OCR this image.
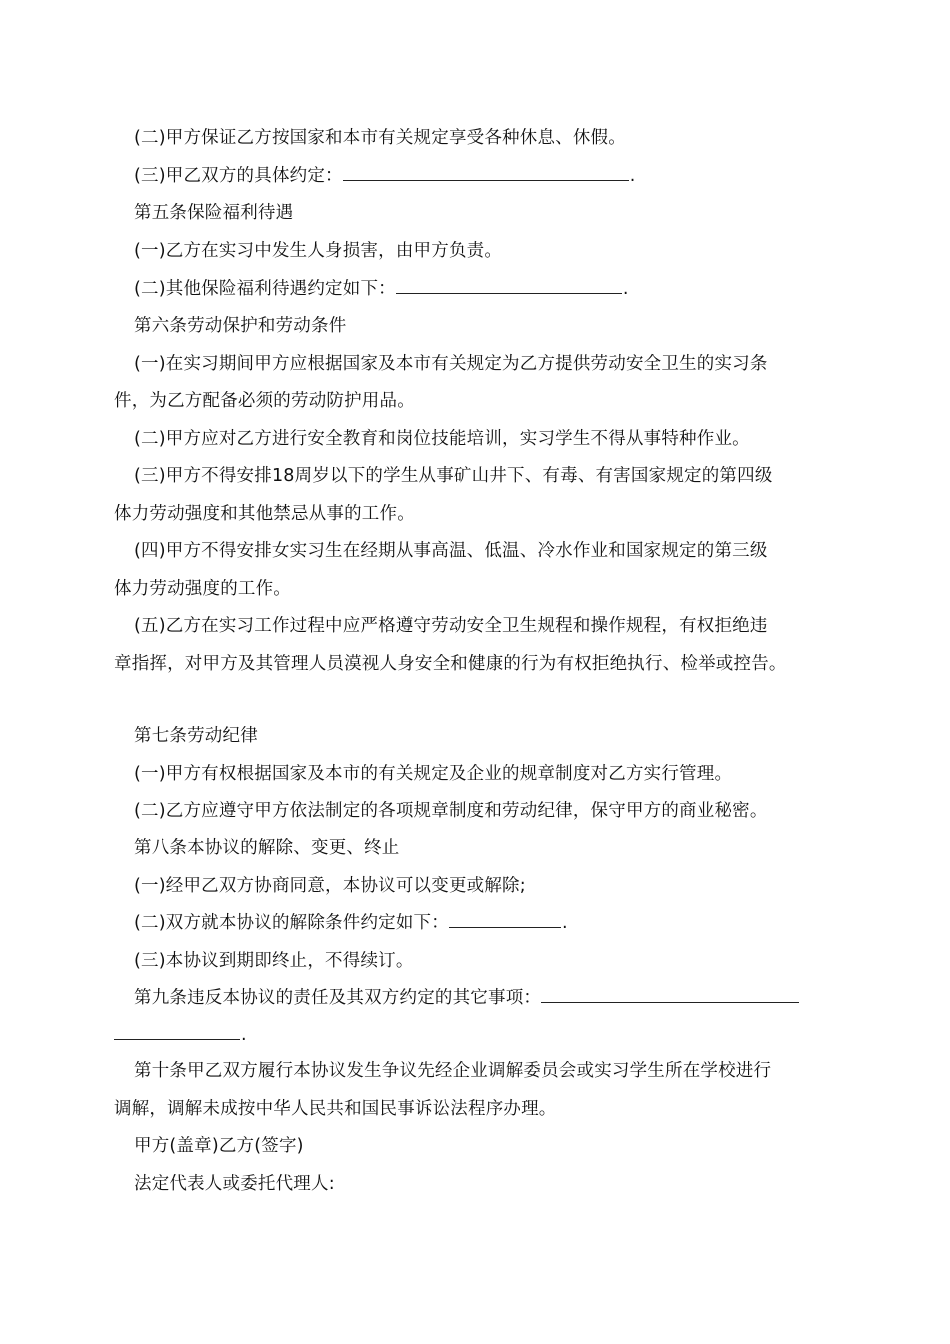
(二)甲方保证乙方按国家和本市有关规定享受各种休息、休假。
(三)甲乙双方的具体约定：	.
第五条保险福利待遇
(一)乙方在实习中发生人身损害，由甲方负责。
(二)其他保险福利待遇约定如下：	.
第六条劳动保护和劳动条件
(一)在实习期间甲方应根据国家及本市有关规定为乙方提供劳动安全卫生的实习条
件，为乙方配备必须的劳动防护用品。
(二)甲方应对乙方进行安全教育和岗位技能培训，实习学生不得从事特种作业。
(三)甲方不得安排18周岁以下的学生从事矿山井下、有毒、有害国家规定的第四级
体力劳动强度和其他禁忌从事的工作。
(四)甲方不得安排女实习生在经期从事高温、低温、冷水作业和国家规定的第三级
体力劳动强度的工作。
(五)乙方在实习工作过程中应严格遵守劳动安全卫生规程和操作规程，有权拒绝违
章指挥，对甲方及其管理人员漠视人身安全和健康的行为有权拒绝执行、检举或控告。
第七条劳动纪律
(一)甲方有权根据国家及本市的有关规定及企业的规章制度对乙方实行管理。
(二)乙方应遵守甲方依法制定的各项规章制度和劳动纪律，保守甲方的商业秘密。
第八条本协议的解除、变更、终止
(一)经甲乙双方协商同意，本协议可以变更或解除;
(二)双方就本协议的解除条件约定如下：	.
(三)本协议到期即终止，不得续订。
第九条违反本协议的责任及其双方约定的其它事项：
.
第十条甲乙双方履行本协议发生争议先经企业调解委员会或实习学生所在学校进行
调解，调解未成按中华人民共和国民事诉讼法程序办理。
甲方(盖章)乙方(签字)
法定代表人或委托代理人:
